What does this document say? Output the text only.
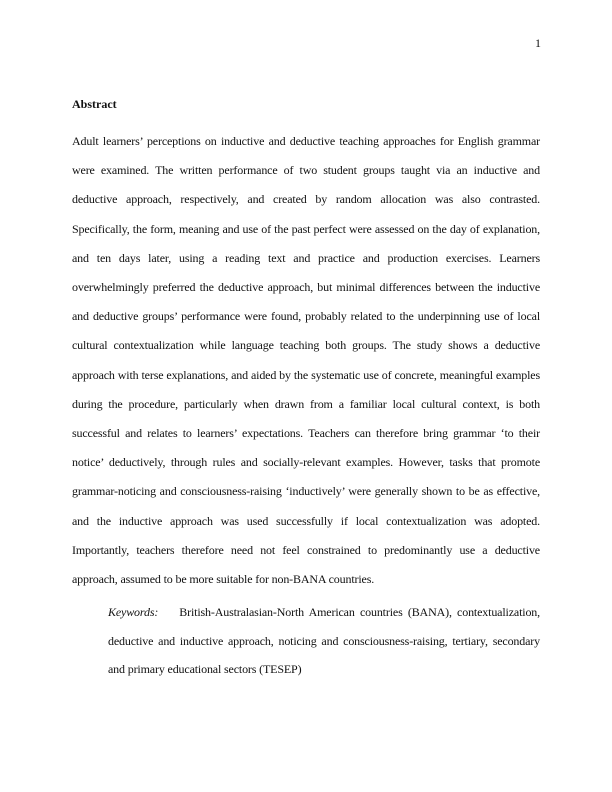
1
Abstract

Adult learners’ perceptions on inductive and deductive teaching approaches for English grammar were examined. The written performance of two student groups taught via an inductive and deductive approach, respectively, and created by random allocation was also contrasted. Specifically, the form, meaning and use of the past perfect were assessed on the day of explanation, and ten days later, using a reading text and practice and production exercises. Learners overwhelmingly preferred the deductive approach, but minimal differences between the inductive and deductive groups’ performance were found, probably related to the underpinning use of local cultural contextualization while language teaching both groups. The study shows a deductive approach with terse explanations, and aided by the systematic use of concrete, meaningful examples during the procedure, particularly when drawn from a familiar local cultural context, is both successful and relates to learners’ expectations. Teachers can therefore bring grammar ‘to their notice’ deductively, through rules and socially-relevant examples. However, tasks that promote grammar-noticing and consciousness-raising ‘inductively’ were generally shown to be as effective, and the inductive approach was used successfully if local contextualization was adopted. Importantly, teachers therefore need not feel constrained to predominantly use a deductive approach, assumed to be more suitable for non-BANA countries.

Keywords: British-Australasian-North American countries (BANA), contextualization, deductive and inductive approach, noticing and consciousness-raising, tertiary, secondary and primary educational sectors (TESEP)
